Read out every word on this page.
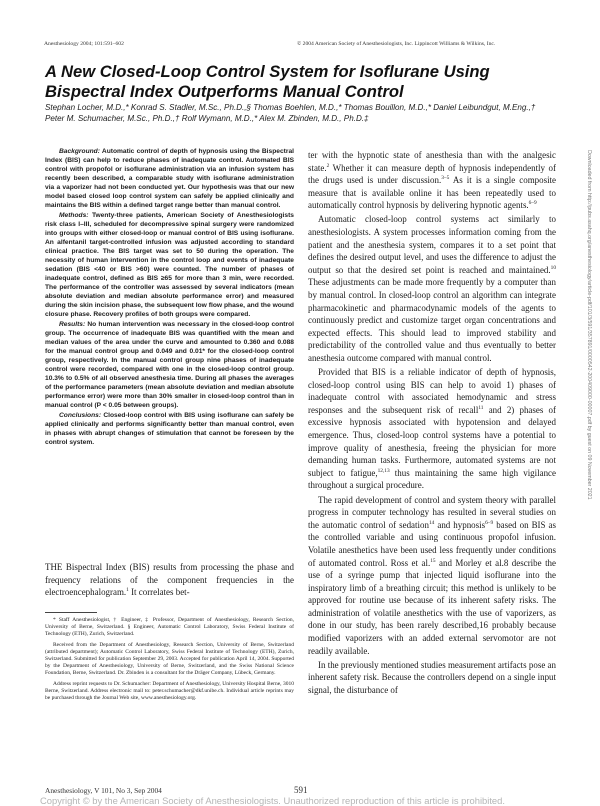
Anesthesiology 2004; 101:591–602	© 2004 American Society of Anesthesiologists, Inc. Lippincott Williams & Wilkins, Inc.
A New Closed-Loop Control System for Isoflurane Using Bispectral Index Outperforms Manual Control
Stephan Locher, M.D.,* Konrad S. Stadler, M.Sc., Ph.D.,§ Thomas Boehlen, M.D.,* Thomas Bouillon, M.D.,* Daniel Leibundgut, M.Eng.,† Peter M. Schumacher, M.Sc., Ph.D.,† Rolf Wymann, M.D.,* Alex M. Zbinden, M.D., Ph.D.‡

Background: Automatic control of depth of hypnosis using the Bispectral Index (BIS) can help to reduce phases of inadequate control. Automated BIS control with propofol or isoflurane administration via an infusion system has recently been described, a comparable study with isoflurane administration via a vaporizer had not been conducted yet. Our hypothesis was that our new model based closed loop control system can safely be applied clinically and maintains the BIS within a defined target range better than manual control.

Methods: Twenty-three patients, American Society of Anesthesiologists risk class I–III, scheduled for decompressive spinal surgery were randomized into groups with either closed-loop or manual control of BIS using isoflurane. An alfentanil target-controlled infusion was adjusted according to standard clinical practice. The BIS target was set to 50 during the operation. The necessity of human intervention in the control loop and events of inadequate sedation (BIS <40 or BIS >60) were counted. The number of phases of inadequate control, defined as BIS ≥65 for more than 3 min, were recorded. The performance of the controller was assessed by several indicators (mean absolute deviation and median absolute performance error) and measured during the skin incision phase, the subsequent low flow phase, and the wound closure phase. Recovery profiles of both groups were compared.

Results: No human intervention was necessary in the closed-loop control group. The occurrence of inadequate BIS was quantified with the mean and median values of the area under the curve and amounted to 0.360 and 0.088 for the manual control group and 0.049 and 0.01* for the closed-loop control group, respectively. In the manual control group nine phases of inadequate control were recorded, compared with one in the closed-loop control group. 10.3% to 0.5% of all observed anesthesia time. During all phases the averages of the performance parameters (mean absolute deviation and median absolute performance error) were more than 30% smaller in closed-loop control than in manual control (P < 0.05 between groups).

Conclusions: Closed-loop control with BIS using isoflurane can safely be applied clinically and performs significantly better than manual control, even in phases with abrupt changes of stimulation that cannot be foreseen by the control system.

THE Bispectral Index (BIS) results from processing the phase and frequency relations of the component frequencies in the electroencephalogram.$^1$ It correlates bet-

* Staff Anesthesiologist, † Engineer, ‡ Professor, Department of Anesthesiology, Research Section, University of Berne, Switzerland. § Engineer, Automatic Control Laboratory, Swiss Federal Institute of Technology (ETH), Zurich, Switzerland.

Received from the Department of Anesthesiology, Research Section, University of Berne, Switzerland (attributed department); Automatic Control Laboratory, Swiss Federal Institute of Technology (ETH), Zurich, Switzerland. Submitted for publication September 29, 2003. Accepted for publication April 14, 2004. Supported by the Department of Anesthesiology, University of Berne, Switzerland, and the Swiss National Science Foundation, Berne, Switzerland. Dr. Zbinden is a consultant for the Dräger Company, Lübeck, Germany.

Address reprint requests to Dr. Schumacher: Department of Anesthesiology, University Hospital Berne, 3010 Berne, Switzerland. Address electronic mail to: peter.schumacher@dkf.unibe.ch. Individual article reprints may be purchased through the Journal Web site, www.anesthesiology.org.

ter with the hypnotic state of anesthesia than with the analgesic state.$^2$ Whether it can measure depth of hypnosis independently of the drugs used is under discussion.$^{3-5}$ As it is a single composite measure that is available online it has been repeatedly used to automatically control hypnosis by delivering hypnotic agents.$^{6-9}$

Automatic closed-loop control systems act similarly to anesthesiologists. A system processes information coming from the patient and the anesthesia system, compares it to a set point that defines the desired output level, and uses the difference to adjust the output so that the desired set point is reached and maintained.$^{10}$ These adjustments can be made more frequently by a computer than by manual control. In closed-loop control an algorithm can integrate pharmacokinetic and pharmacodynamic models of the agents to continuously predict and customize target organ concentrations and expected effects. This should lead to improved stability and predictability of the controlled value and thus eventually to better anesthesia outcome compared with manual control.

Provided that BIS is a reliable indicator of depth of hypnosis, closed-loop control using BIS can help to avoid 1) phases of inadequate control with associated hemodynamic and stress responses and the subsequent risk of recall$^{11}$ and 2) phases of excessive hypnosis associated with hypotension and delayed emergence. Thus, closed-loop control systems have a potential to improve quality of anesthesia, freeing the physician for more demanding human tasks. Furthermore, automated systems are not subject to fatigue,$^{12,13}$ thus maintaining the same high vigilance throughout a surgical procedure.

The rapid development of control and system theory with parallel progress in computer technology has resulted in several studies on the automatic control of sedation$^{14}$ and hypnosis$^{6-9}$ based on BIS as the controlled variable and using continuous propofol infusion. Volatile anesthetics have been used less frequently under conditions of automated control. Ross et al.$^{15}$ and Morley et al.8 describe the use of a syringe pump that injected liquid isoflurane into the inspiratory limb of a breathing circuit; this method is unlikely to be approved for routine use because of its inherent safety risks. The administration of volatile anesthetics with the use of vaporizers, as done in our study, has been rarely described,16 probably because modified vaporizers with an added external servomotor are not readily available.

In the previously mentioned studies measurement artifacts pose an inherent safety risk. Because the controllers depend on a single input signal, the disturbance of

Downloaded from http://pubs.asahq.org/anesthesiology/article-pdf/101/3/591/357891/0000542-200409000-00007.pdf by guest on 09 November 2021
Anesthesiology, V 101, No 3, Sep 2004	591
Copyright © by the American Society of Anesthesiologists. Unauthorized reproduction of this article is prohibited.
